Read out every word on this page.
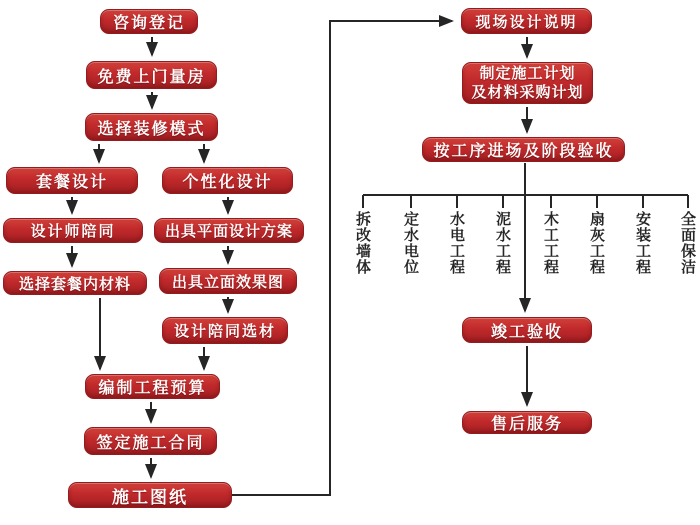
咨询登记
免费上门量房
选择装修模式
套餐设计	个性化设计
设计师陪同	出具平面设计方案
选择套餐内材料	出具立面效果图
设计陪同选材
编制工程预算
签定施工合同
施工图纸
现场设计说明
制定施工计划
及材料采购计划
按工序进场及阶段验收
竣工验收
售后服务
拆改墙体 定水电位 水电工程 泥水工程 木工工程 扇灰工程 安装工程 全面保洁
